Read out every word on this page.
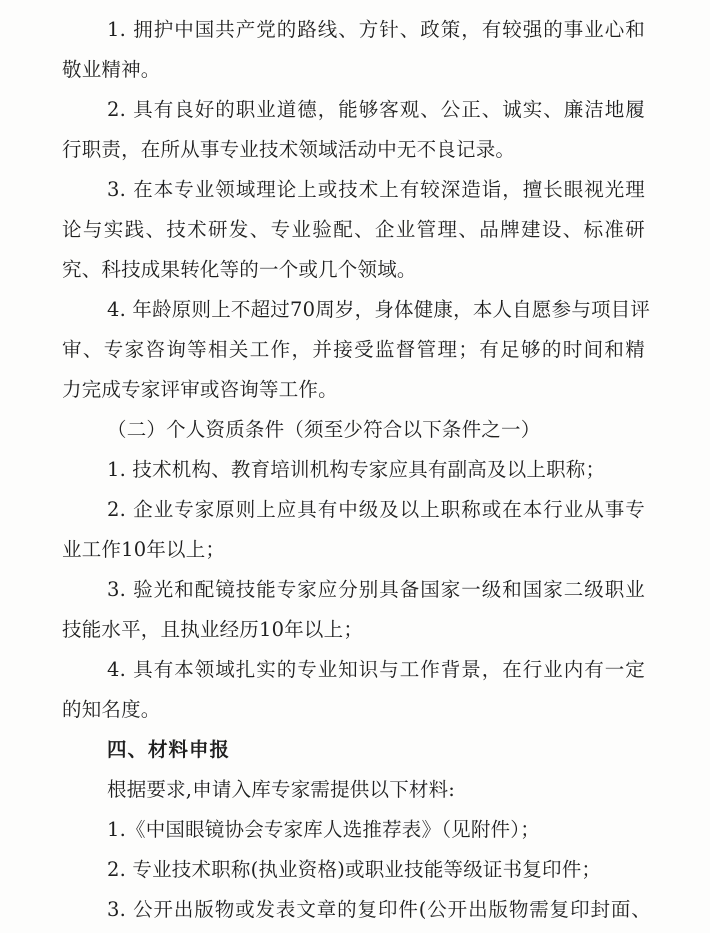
1. 拥护中国共产党的路线、方针、政策，有较强的事业心和
敬业精神。
2. 具有良好的职业道德，能够客观、公正、诚实、廉洁地履
行职责，在所从事专业技术领域活动中无不良记录。
3. 在本专业领域理论上或技术上有较深造诣，擅长眼视光理
论与实践、技术研发、专业验配、企业管理、品牌建设、标准研
究、科技成果转化等的一个或几个领域。
4. 年龄原则上不超过70周岁，身体健康，本人自愿参与项目评
审、专家咨询等相关工作，并接受监督管理；有足够的时间和精
力完成专家评审或咨询等工作。
（二）个人资质条件（须至少符合以下条件之一）
1. 技术机构、教育培训机构专家应具有副高及以上职称；
2. 企业专家原则上应具有中级及以上职称或在本行业从事专
业工作10年以上；
3. 验光和配镜技能专家应分别具备国家一级和国家二级职业
技能水平，且执业经历10年以上；
4. 具有本领域扎实的专业知识与工作背景，在行业内有一定
的知名度。
四、材料申报
根据要求,申请入库专家需提供以下材料:
1.《中国眼镜协会专家库人选推荐表》（见附件）；
2. 专业技术职称(执业资格)或职业技能等级证书复印件；
3. 公开出版物或发表文章的复印件(公开出版物需复印封面、
